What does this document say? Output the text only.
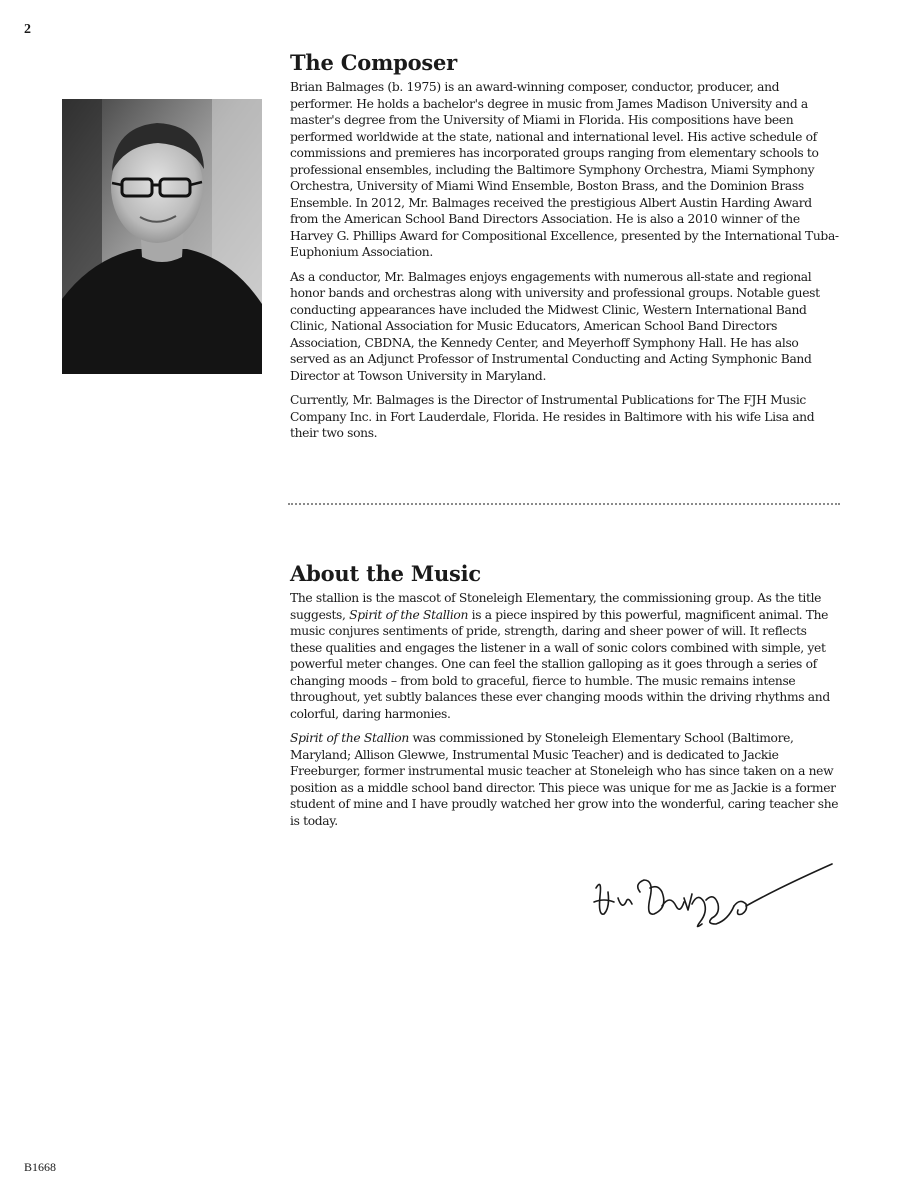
2
The Composer

Brian Balmages (b. 1975) is an award-winning composer, conductor, producer, and performer. He holds a bachelor's degree in music from James Madison University and a master's degree from the University of Miami in Florida. His compositions have been performed worldwide at the state, national and international level. His active schedule of commissions and premieres has incorporated groups ranging from elementary schools to professional ensembles, including the Baltimore Symphony Orchestra, Miami Symphony Orchestra, University of Miami Wind Ensemble, Boston Brass, and the Dominion Brass Ensemble. In 2012, Mr. Balmages received the prestigious Albert Austin Harding Award from the American School Band Directors Association. He is also a 2010 winner of the Harvey G. Phillips Award for Compositional Excellence, presented by the International Tuba-Euphonium Association.

As a conductor, Mr. Balmages enjoys engagements with numerous all-state and regional honor bands and orchestras along with university and professional groups. Notable guest conducting appearances have included the Midwest Clinic, Western International Band Clinic, National Association for Music Educators, American School Band Directors Association, CBDNA, the Kennedy Center, and Meyerhoff Symphony Hall. He has also served as an Adjunct Professor of Instrumental Conducting and Acting Symphonic Band Director at Towson University in Maryland.

Currently, Mr. Balmages is the Director of Instrumental Publications for The FJH Music Company Inc. in Fort Lauderdale, Florida. He resides in Baltimore with his wife Lisa and their two sons.

About the Music

The stallion is the mascot of Stoneleigh Elementary, the commissioning group. As the title suggests, Spirit of the Stallion is a piece inspired by this powerful, magnificent animal. The music conjures sentiments of pride, strength, daring and sheer power of will. It reflects these qualities and engages the listener in a wall of sonic colors combined with simple, yet powerful meter changes. One can feel the stallion galloping as it goes through a series of changing moods – from bold to graceful, fierce to humble. The music remains intense throughout, yet subtly balances these ever changing moods within the driving rhythms and colorful, daring harmonies.

Spirit of the Stallion was commissioned by Stoneleigh Elementary School (Baltimore, Maryland; Allison Glewwe, Instrumental Music Teacher) and is dedicated to Jackie Freeburger, former instrumental music teacher at Stoneleigh who has since taken on a new position as a middle school band director. This piece was unique for me as Jackie is a former student of mine and I have proudly watched her grow into the wonderful, caring teacher she is today.

B1668
